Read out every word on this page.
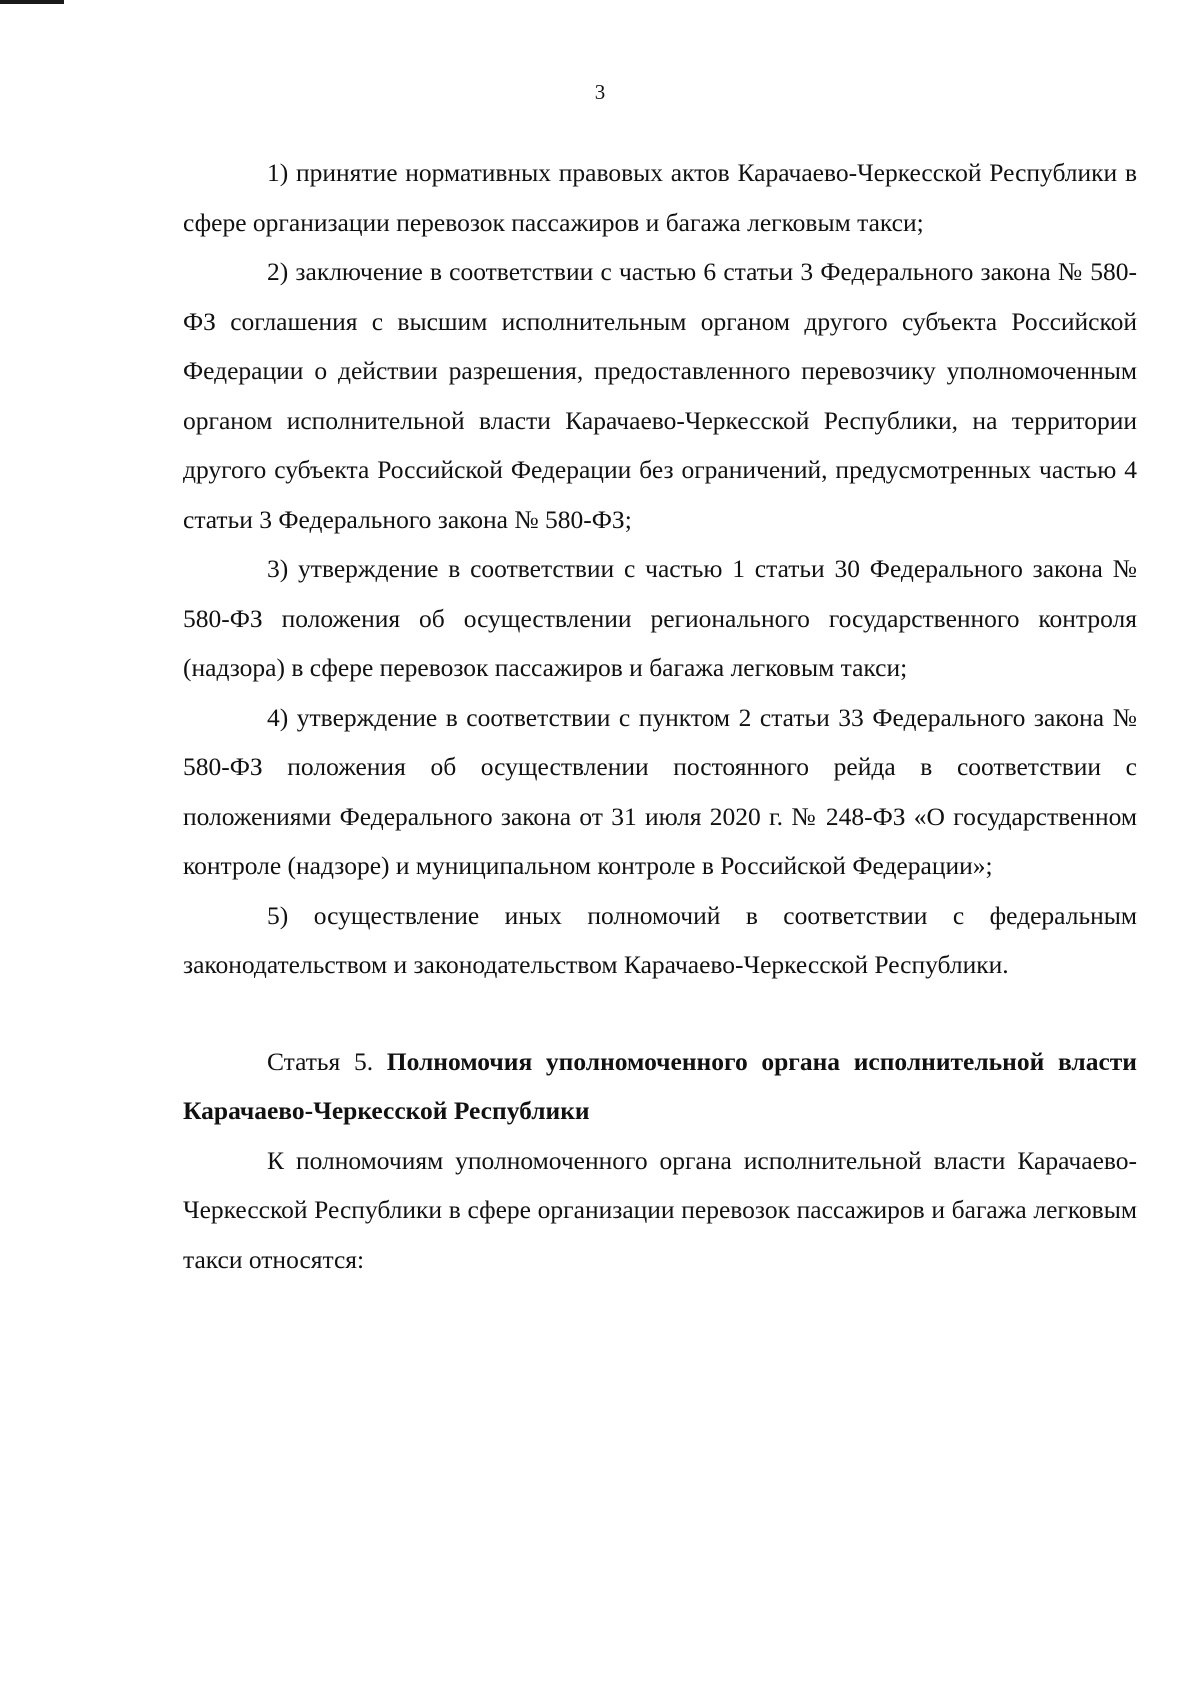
3

1) принятие нормативных правовых актов Карачаево-Черкесской Республики в сфере организации перевозок пассажиров и багажа легковым такси;

2) заключение в соответствии с частью 6 статьи 3 Федерального закона № 580-ФЗ соглашения с высшим исполнительным органом другого субъекта Российской Федерации о действии разрешения, предоставленного перевозчику уполномоченным органом исполнительной власти Карачаево-Черкесской Республики, на территории другого субъекта Российской Федерации без ограничений, предусмотренных частью 4 статьи 3 Федерального закона № 580-ФЗ;

3) утверждение в соответствии с частью 1 статьи 30 Федерального закона № 580-ФЗ положения об осуществлении регионального государственного контроля (надзора) в сфере перевозок пассажиров и багажа легковым такси;

4) утверждение в соответствии с пунктом 2 статьи 33 Федерального закона № 580-ФЗ положения об осуществлении постоянного рейда в соответствии с положениями Федерального закона от 31 июля 2020 г. № 248-ФЗ «О государственном контроле (надзоре) и муниципальном контроле в Российской Федерации»;

5) осуществление иных полномочий в соответствии с федеральным законодательством и законодательством Карачаево-Черкесской Республики.

Статья 5. Полномочия уполномоченного органа исполнительной власти Карачаево-Черкесской Республики

К полномочиям уполномоченного органа исполнительной власти Карачаево-Черкесской Республики в сфере организации перевозок пассажиров и багажа легковым такси относятся:
